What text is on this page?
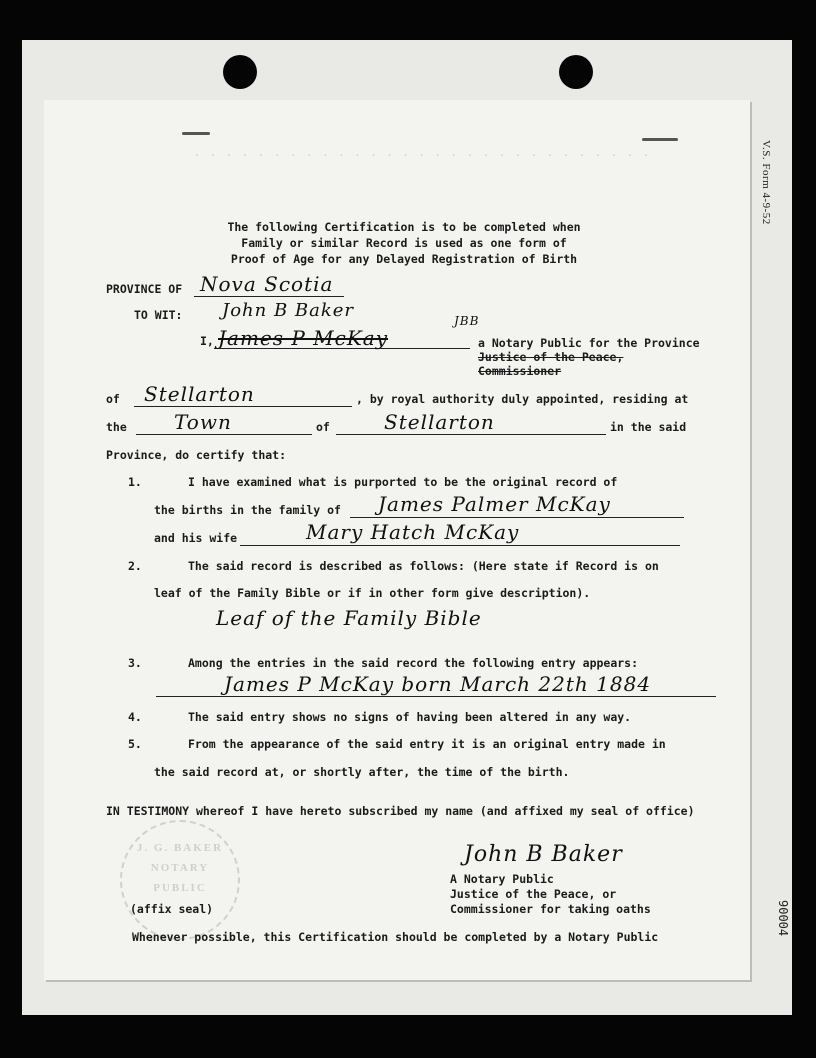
V.S. Form 4-9-52
90004
. . . . . . . . . . . . . . . . . . . . . . . . . . . . .
The following Certification is to be completed when
Family or similar Record is used as one form of
Proof of Age for any Delayed Registration of Birth
PROVINCE OF Nova Scotia
TO WIT: John B Baker
I, James P McKay
JBB
a Notary Public for the Province
Justice of the Peace,
Commissioner
of Stellarton	, by royal authority duly appointed, residing at
the Town	of	Stellarton	in the said
Province, do certify that:
1.	I have examined what is purported to be the original record of
the births in the family of James Palmer McKay
and his wife	Mary Hatch McKay
2.	The said record is described as follows: (Here state if Record is on
leaf of the Family Bible or if in other form give description).
Leaf of the Family Bible
3.	Among the entries in the said record the following entry appears:
James P McKay born March 22th 1884
4.	The said entry shows no signs of having been altered in any way.
5.	From the appearance of the said entry it is an original entry made in
the said record at, or shortly after, the time of the birth.
IN TESTIMONY whereof I have hereto subscribed my name (and affixed my seal of office)
J. G. BAKER
NOTARY
PUBLIC
John B Baker
A Notary Public
Justice of the Peace, or
Commissioner for taking oaths
(affix seal)
Whenever possible, this Certification should be completed by a Notary Public
